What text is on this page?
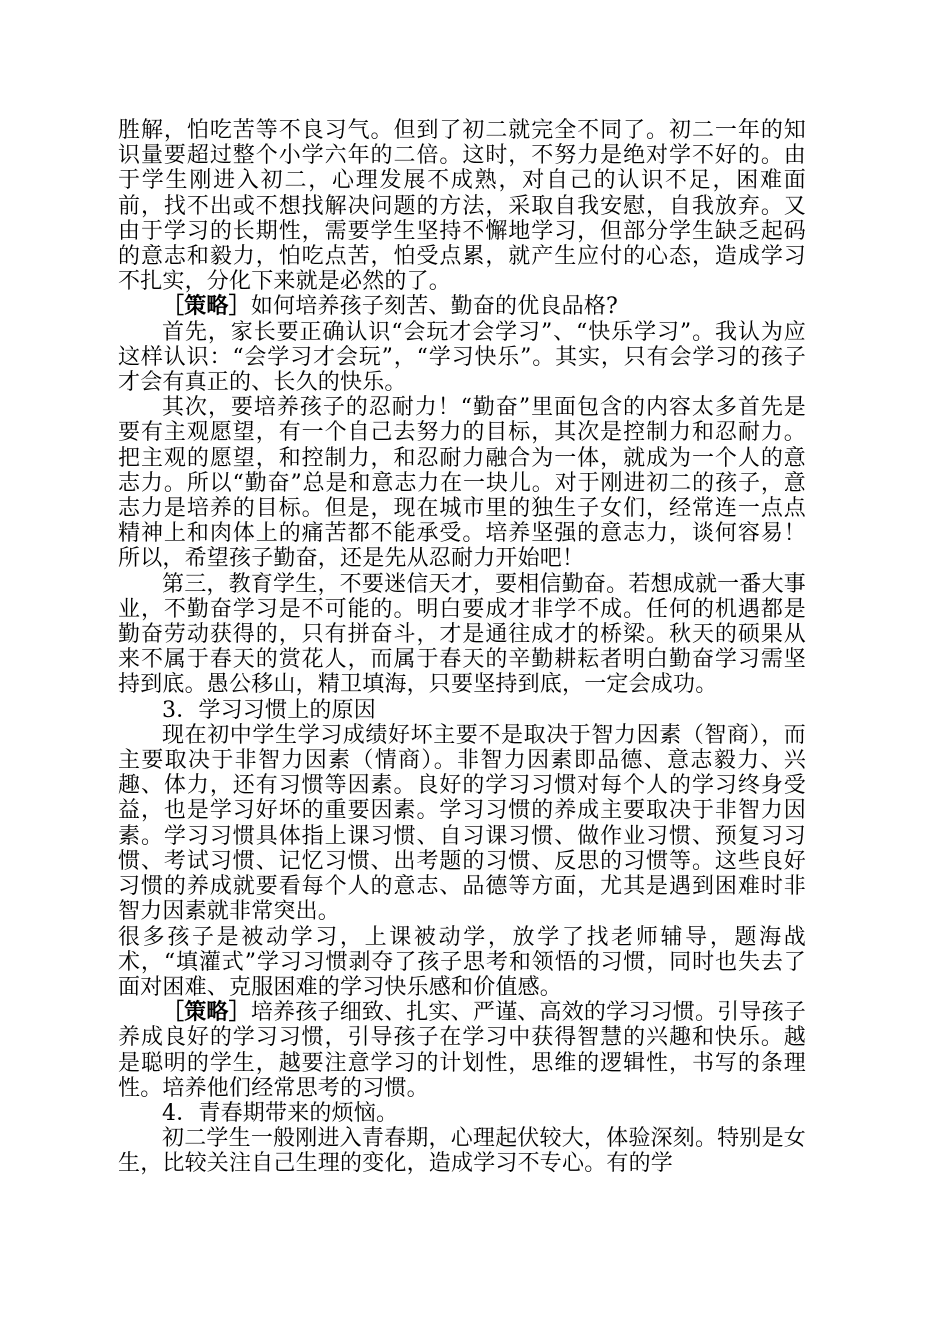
胜解，怕吃苦等不良习气。但到了初二就完全不同了。初二一年的知识量要超过整个小学六年的二倍。这时，不努力是绝对学不好的。由于学生刚进入初二，心理发展不成熟，对自己的认识不足，困难面前，找不出或不想找解决问题的方法，采取自我安慰，自我放弃。又由于学习的长期性，需要学生坚持不懈地学习，但部分学生缺乏起码的意志和毅力，怕吃点苦，怕受点累，就产生应付的心态，造成学习不扎实，分化下来就是必然的了。

［策略］如何培养孩子刻苦、勤奋的优良品格?

首先，家长要正确认识“会玩才会学习”、“快乐学习”。我认为应这样认识：“会学习才会玩”，“学习快乐”。其实，只有会学习的孩子才会有真正的、长久的快乐。

其次，要培养孩子的忍耐力！“勤奋”里面包含的内容太多首先是要有主观愿望，有一个自己去努力的目标，其次是控制力和忍耐力。把主观的愿望，和控制力，和忍耐力融合为一体，就成为一个人的意志力。所以“勤奋”总是和意志力在一块儿。对于刚进初二的孩子，意志力是培养的目标。但是，现在城市里的独生子女们，经常连一点点精神上和肉体上的痛苦都不能承受。培养坚强的意志力，谈何容易！所以，希望孩子勤奋，还是先从忍耐力开始吧！

第三，教育学生，不要迷信天才，要相信勤奋。若想成就一番大事业，不勤奋学习是不可能的。明白要成才非学不成。任何的机遇都是勤奋劳动获得的，只有拼奋斗，才是通往成才的桥梁。秋天的硕果从来不属于春天的赏花人，而属于春天的辛勤耕耘者明白勤奋学习需坚持到底。愚公移山，精卫填海，只要坚持到底，一定会成功。

3．学习习惯上的原因

现在初中学生学习成绩好坏主要不是取决于智力因素（智商），而主要取决于非智力因素（情商）。非智力因素即品德、意志毅力、兴趣、体力，还有习惯等因素。良好的学习习惯对每个人的学习终身受益，也是学习好坏的重要因素。学习习惯的养成主要取决于非智力因素。学习习惯具体指上课习惯、自习课习惯、做作业习惯、预复习习惯、考试习惯、记忆习惯、出考题的习惯、反思的习惯等。这些良好习惯的养成就要看每个人的意志、品德等方面，尤其是遇到困难时非智力因素就非常突出。

很多孩子是被动学习，上课被动学，放学了找老师辅导，题海战术，“填灌式”学习习惯剥夺了孩子思考和领悟的习惯，同时也失去了面对困难、克服困难的学习快乐感和价值感。

［策略］培养孩子细致、扎实、严谨、高效的学习习惯。引导孩子养成良好的学习习惯，引导孩子在学习中获得智慧的兴趣和快乐。越是聪明的学生，越要注意学习的计划性，思维的逻辑性，书写的条理性。培养他们经常思考的习惯。

4．青春期带来的烦恼。

初二学生一般刚进入青春期，心理起伏较大，体验深刻。特别是女生，比较关注自己生理的变化，造成学习不专心。有的学
